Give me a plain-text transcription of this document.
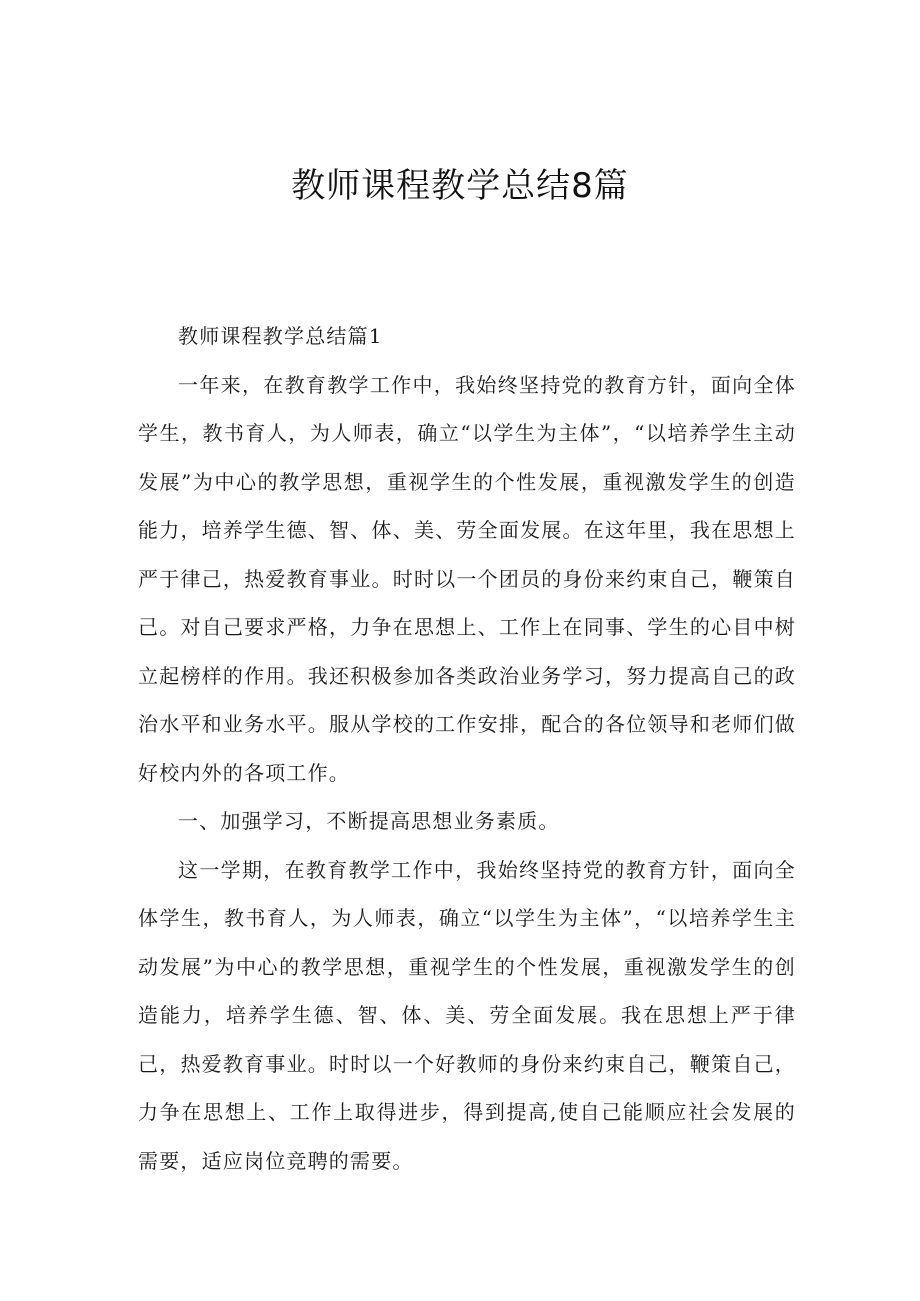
教师课程教学总结8篇

教师课程教学总结篇1

一年来，在教育教学工作中，我始终坚持党的教育方针，面向全体学生，教书育人，为人师表，确立“以学生为主体”，“以培养学生主动发展”为中心的教学思想，重视学生的个性发展，重视激发学生的创造能力，培养学生德、智、体、美、劳全面发展。在这年里，我在思想上严于律己，热爱教育事业。时时以一个团员的身份来约束自己，鞭策自己。对自己要求严格，力争在思想上、工作上在同事、学生的心目中树立起榜样的作用。我还积极参加各类政治业务学习，努力提高自己的政治水平和业务水平。服从学校的工作安排，配合的各位领导和老师们做好校内外的各项工作。

一、加强学习，不断提高思想业务素质。

这一学期，在教育教学工作中，我始终坚持党的教育方针，面向全体学生，教书育人，为人师表，确立“以学生为主体”，“以培养学生主动发展”为中心的教学思想，重视学生的个性发展，重视激发学生的创造能力，培养学生德、智、体、美、劳全面发展。我在思想上严于律己，热爱教育事业。时时以一个好教师的身份来约束自己，鞭策自己，力争在思想上、工作上取得进步，得到提高,使自己能顺应社会发展的需要，适应岗位竞聘的需要。
